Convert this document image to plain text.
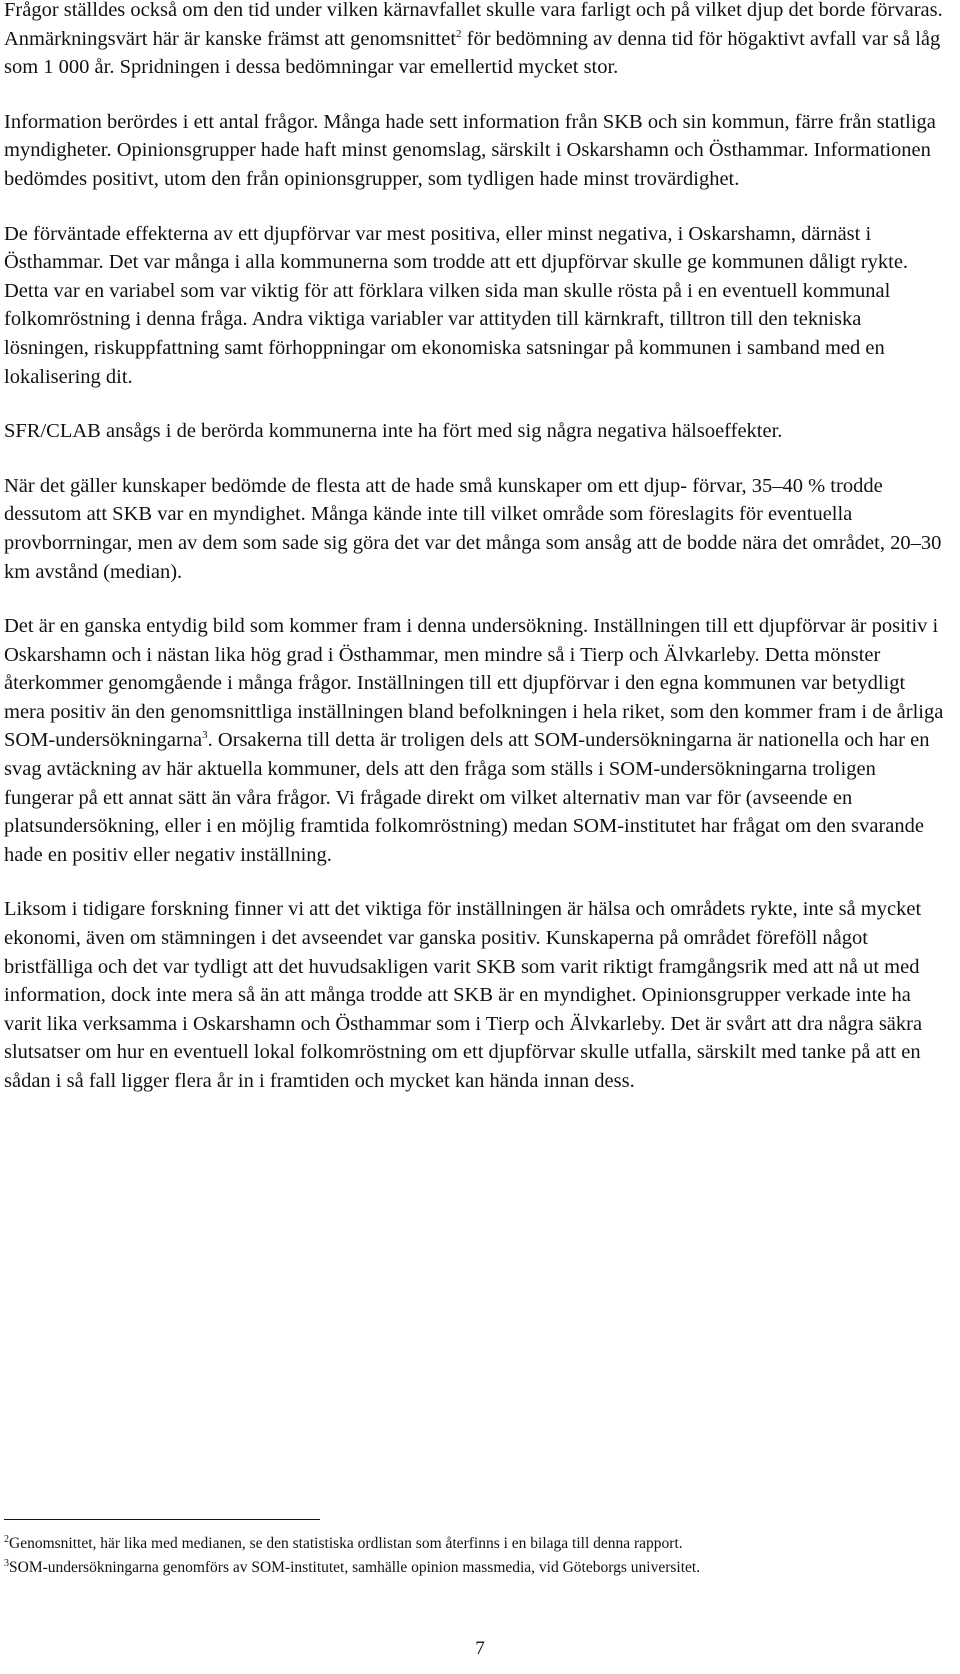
Frågor ställdes också om den tid under vilken kärnavfallet skulle vara farligt och på vilket djup det borde förvaras. Anmärkningsvärt här är kanske främst att genomsnittet$^2$ för bedömning av denna tid för högaktivt avfall var så låg som 1 000 år. Spridningen i dessa bedömningar var emellertid mycket stor.

Information berördes i ett antal frågor. Många hade sett information från SKB och sin kommun, färre från statliga myndigheter. Opinionsgrupper hade haft minst genomslag, särskilt i Oskarshamn och Östhammar. Informationen bedömdes positivt, utom den från opinionsgrupper, som tydligen hade minst trovärdighet.

De förväntade effekterna av ett djupförvar var mest positiva, eller minst negativa, i Oskarshamn, därnäst i Östhammar. Det var många i alla kommunerna som trodde att ett djupförvar skulle ge kommunen dåligt rykte. Detta var en variabel som var viktig för att förklara vilken sida man skulle rösta på i en eventuell kommunal folkomröstning i denna fråga. Andra viktiga variabler var attityden till kärnkraft, tilltron till den tekniska lösningen, riskuppfattning samt förhoppningar om ekonomiska satsningar på kommunen i samband med en lokalisering dit.

SFR/CLAB ansågs i de berörda kommunerna inte ha fört med sig några negativa hälsoeffekter.

När det gäller kunskaper bedömde de flesta att de hade små kunskaper om ett djup- förvar, 35–40 % trodde dessutom att SKB var en myndighet. Många kände inte till vilket område som föreslagits för eventuella provborrningar, men av dem som sade sig göra det var det många som ansåg att de bodde nära det området, 20–30 km avstånd (median).

Det är en ganska entydig bild som kommer fram i denna undersökning. Inställningen till ett djupförvar är positiv i Oskarshamn och i nästan lika hög grad i Östhammar, men mindre så i Tierp och Älvkarleby. Detta mönster återkommer genomgående i många frågor. Inställningen till ett djupförvar i den egna kommunen var betydligt mera positiv än den genomsnittliga inställningen bland befolkningen i hela riket, som den kommer fram i de årliga SOM-undersökningarna$^3$. Orsakerna till detta är troligen dels att SOM-undersökningarna är nationella och har en svag avtäckning av här aktuella kommuner, dels att den fråga som ställs i SOM-undersökningarna troligen fungerar på ett annat sätt än våra frågor. Vi frågade direkt om vilket alternativ man var för (avseende en platsundersökning, eller i en möjlig framtida folkomröstning) medan SOM-institutet har frågat om den svarande hade en positiv eller negativ inställning.

Liksom i tidigare forskning finner vi att det viktiga för inställningen är hälsa och områdets rykte, inte så mycket ekonomi, även om stämningen i det avseendet var ganska positiv. Kunskaperna på området föreföll något bristfälliga och det var tydligt att det huvudsakligen varit SKB som varit riktigt framgångsrik med att nå ut med information, dock inte mera så än att många trodde att SKB är en myndighet. Opinionsgrupper verkade inte ha varit lika verksamma i Oskarshamn och Östhammar som i Tierp och Älvkarleby. Det är svårt att dra några säkra slutsatser om hur en eventuell lokal folkomröstning om ett djupförvar skulle utfalla, särskilt med tanke på att en sådan i så fall ligger flera år in i framtiden och mycket kan hända innan dess.

$^2$Genomsnittet, här lika med medianen, se den statistiska ordlistan som återfinns i en bilaga till denna rapport.

$^3$SOM-undersökningarna genomförs av SOM-institutet, samhälle opinion massmedia, vid Göteborgs universitet.

7
